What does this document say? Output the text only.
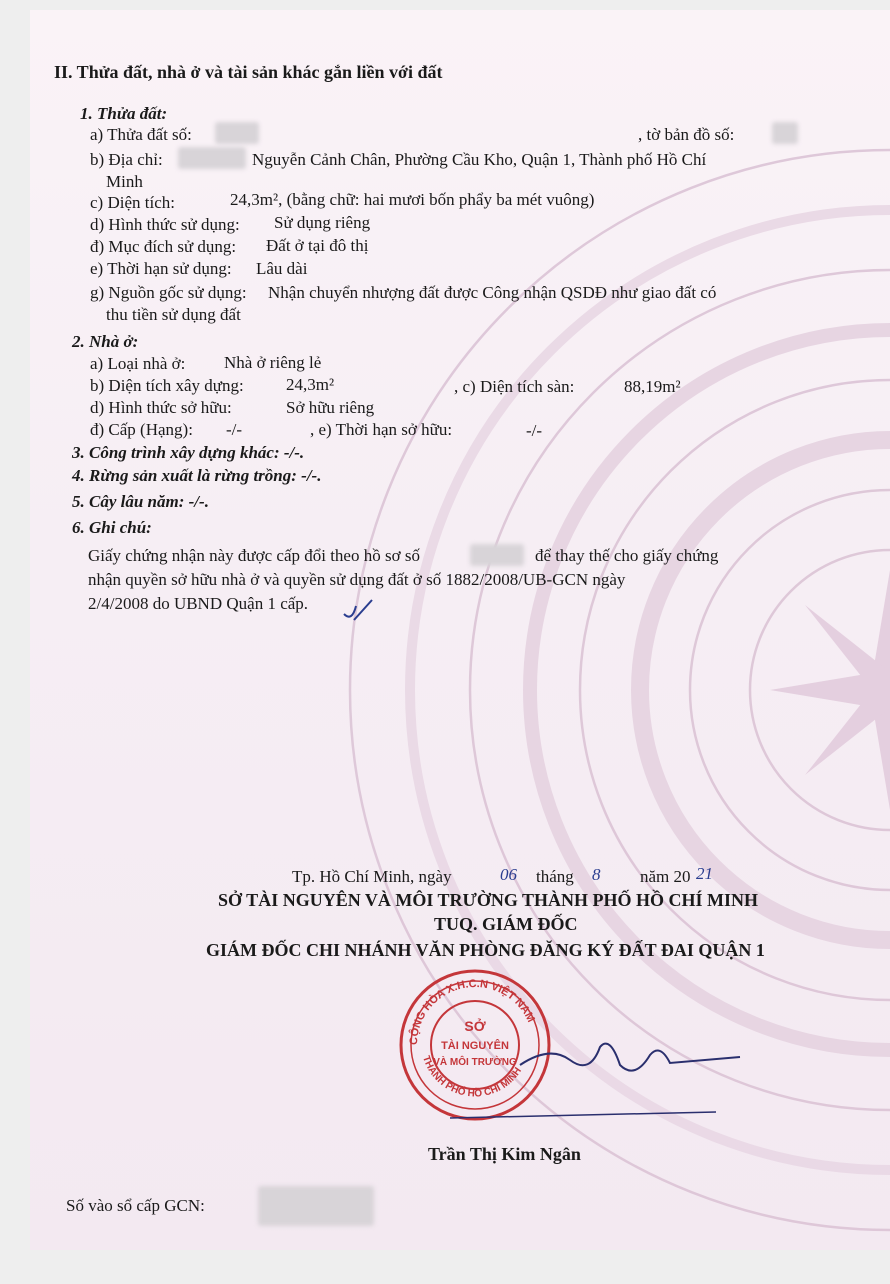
II. Thửa đất, nhà ở và tài sản khác gắn liền với đất
1. Thửa đất:
a) Thửa đất số:	, tờ bản đồ số:
b) Địa chỉ:	Nguyễn Cảnh Chân, Phường Cầu Kho, Quận 1, Thành phố Hồ Chí
Minh
c) Diện tích:	24,3m², (bằng chữ: hai mươi bốn phẩy ba mét vuông)
d) Hình thức sử dụng: Sử dụng riêng
đ) Mục đích sử dụng: Đất ở tại đô thị
e) Thời hạn sử dụng: Lâu dài
g) Nguồn gốc sử dụng: Nhận chuyển nhượng đất được Công nhận QSDĐ như giao đất có
thu tiền sử dụng đất
2. Nhà ở:
a) Loại nhà ở: Nhà ở riêng lẻ
b) Diện tích xây dựng: 24,3m²	, c) Diện tích sàn:	88,19m²
d) Hình thức sở hữu:	Sở hữu riêng
đ) Cấp (Hạng): -/-	, e) Thời hạn sở hữu:	-/-
3. Công trình xây dựng khác: -/-.
4. Rừng sản xuất là rừng trồng: -/-.
5. Cây lâu năm: -/-.
6. Ghi chú:
Giấy chứng nhận này được cấp đổi theo hồ sơ số	để thay thế cho giấy chứng
nhận quyền sở hữu nhà ở và quyền sử dụng đất ở số 1882/2008/UB-GCN ngày
2/4/2008 do UBND Quận 1 cấp.
Tp. Hồ Chí Minh, ngày	06 tháng 8 năm 20 21
SỞ TÀI NGUYÊN VÀ MÔI TRƯỜNG THÀNH PHỐ HỒ CHÍ MINH
TUQ. GIÁM ĐỐC
GIÁM ĐỐC CHI NHÁNH VĂN PHÒNG ĐĂNG KÝ ĐẤT ĐAI QUẬN 1
CỘNG HÒA X.H.C.N VIỆT NAM
THÀNH PHỐ HỒ CHÍ MINH
SỞ
TÀI NGUYÊN
VÀ MÔI TRƯỜNG
Trần Thị Kim Ngân
Số vào sổ cấp GCN:
